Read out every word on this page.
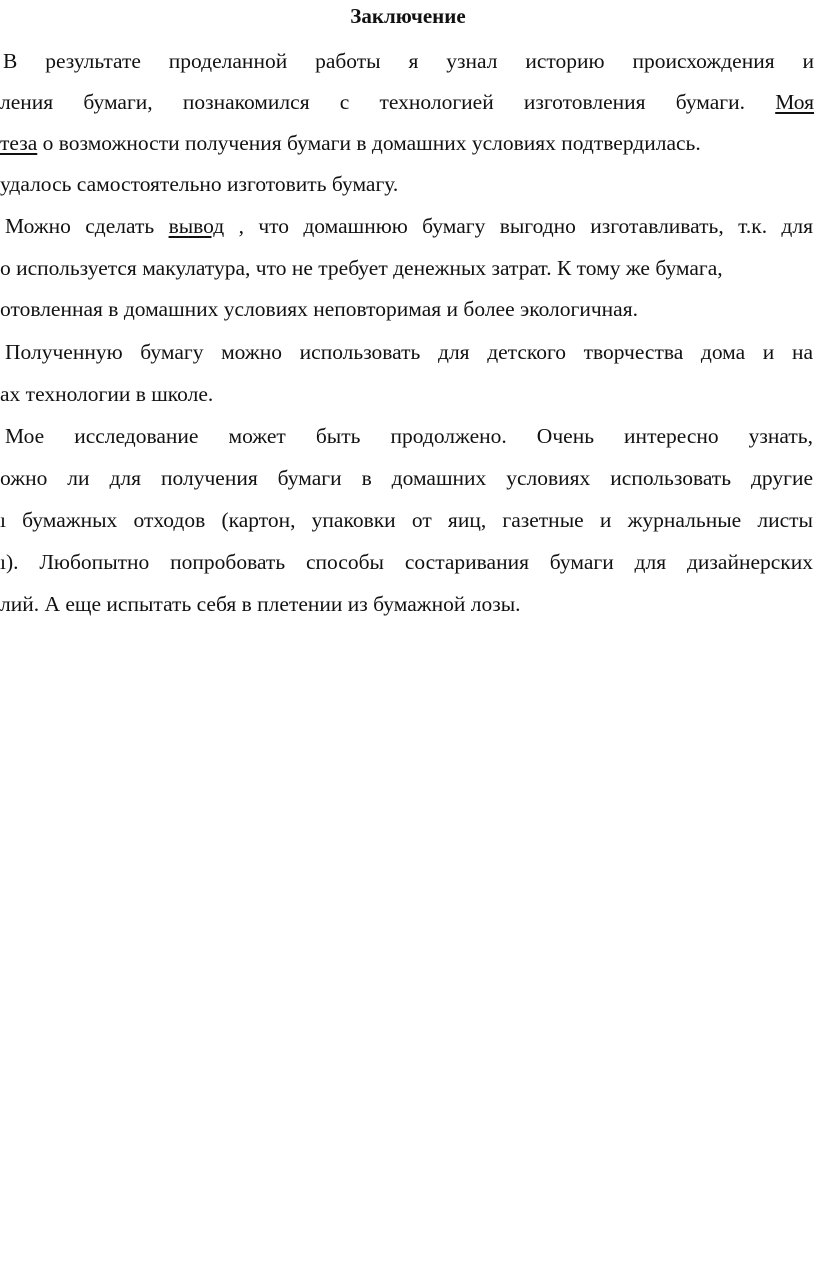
Заключение
В результате проделанной работы я узнал историю происхождения и
ления бумаги, познакомился с технологией изготовления бумаги. Моя
теза о возможности получения бумаги в домашних условиях подтвердилась.
удалось самостоятельно изготовить бумагу.
Можно сделать вывод , что домашнюю бумагу выгодно изготавливать, т.к. для
о используется макулатура, что не требует денежных затрат. К тому же бумага,
отовленная в домашних условиях неповторимая и более экологичная.
Полученную бумагу можно использовать для детского творчества дома и на
ах технологии в школе.
Мое исследование может быть продолжено. Очень интересно узнать,
ожно ли для получения бумаги в домашних условиях использовать другие
ı бумажных отходов (картон, упаковки от яиц, газетные и журнальные листы
ı). Любопытно попробовать способы состаривания бумаги для дизайнерских
лий. А еще испытать себя в плетении из бумажной лозы.
